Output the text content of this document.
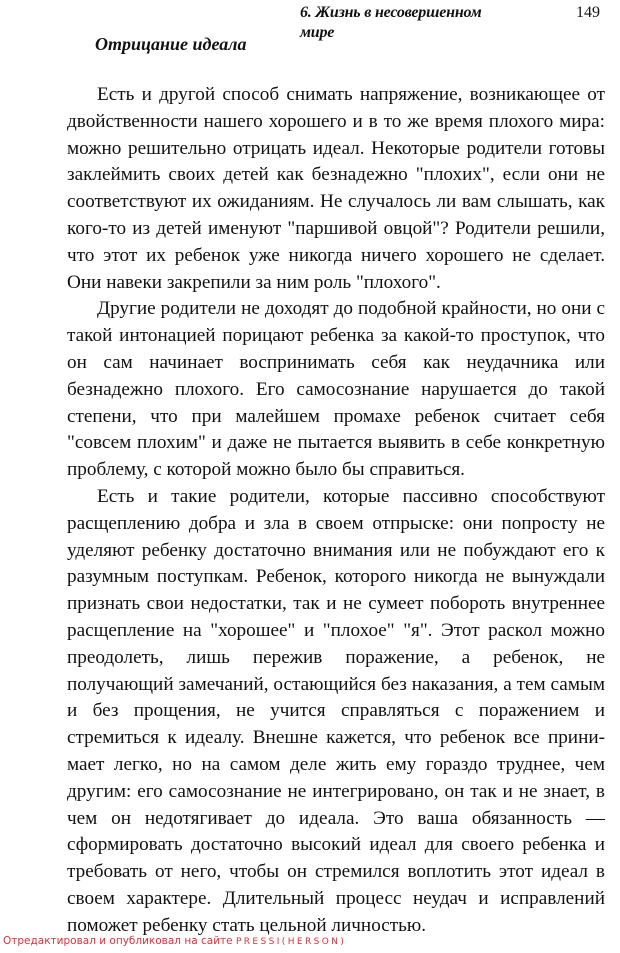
6. Жизнь в несовершенном мире
149
Отрицание идеала

Есть и другой способ снимать напряжение, возникающее от двойственности нашего хорошего и в то же время плохого мира: можно решительно отрицать идеал. Некоторые родители готовы заклеймить своих детей как безнадежно "плохих", если они не соответствуют их ожиданиям. Не случалось ли вам слышать, как кого-то из детей именуют "паршивой овцой"? Родители решили, что этот их ребенок уже никогда ничего хорошего не сделает. Они навеки закрепили за ним роль "плохого".

Другие родители не доходят до подобной крайности, но они с такой интонацией порицают ребенка за какой-то проступок, что он сам начинает воспринимать себя как неудачника или безнадежно плохого. Его самосознание нарушается до такой степени, что при малейшем промахе ребенок считает себя "совсем плохим" и даже не пытается выявить в себе конкретную проблему, с которой можно было бы справиться.

Есть и такие родители, которые пассивно способствуют расщеплению добра и зла в своем отпрыске: они попросту не уделяют ребенку достаточно внимания или не побуждают его к разумным поступкам. Ребенок, которого никогда не вынуждали признать свои недостатки, так и не сумеет побороть внутреннее расщепление на "хорошее" и "плохое" "я". Этот раскол можно преодолеть, лишь пережив поражение, а ребенок, не получающий замечаний, остающийся без наказания, а тем самым и без прощения, не учится справляться с поражением и стремиться к идеалу. Внешне кажется, что ребенок все принимает легко, но на самом деле жить ему гораздо труднее, чем другим: его самосознание не интегрировано, он так и не знает, в чем он недотягивает до идеала. Это ваша обязанность — сформировать достаточно высокий идеал для своего ребенка и требовать от него, чтобы он стремился воплотить этот идеал в своем характере. Длительный процесс неудач и исправлений поможет ребенку стать цельной личностью.

Отредактировал и опубликовал на сайте PRESSI(HERSON)
